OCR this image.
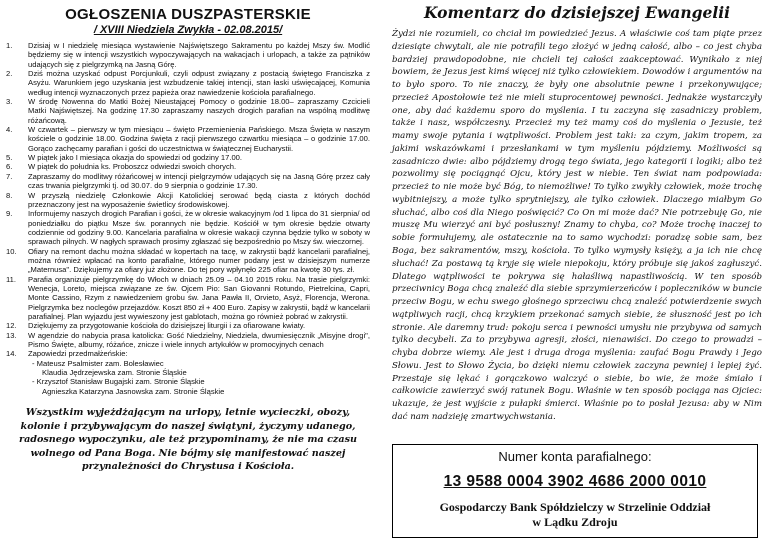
OGŁOSZENIA DUSZPASTERSKIE
/ XVIII Niedziela Zwykła - 02.08.2015/
1. Dzisiaj w I niedzielę miesiąca wystawienie Najświętszego Sakramentu po każdej Mszy św. Modlić będziemy się w intencji wszystkich wypoczywających na wakacjach i urlopach, a także za pątników udających się z pielgrzymką na Jasną Górę.
2. Dziś można uzyskać odpust Porcjunkuli, czyli odpust związany z postacią świętego Franciszka z Asyżu. Warunkiem jego uzyskania jest wzbudzenie takiej intencji, stan łaski uświęcającej, Komunia według intencji wyznaczonych przez papieża oraz nawiedzenie kościoła parafialnego.
3. W środę Nowenna do Matki Bożej Nieustającej Pomocy o godzinie 18.00– zapraszamy Czcicieli Matki Najświętszej. Na godzinę 17.30 zapraszamy naszych drogich parafian na wspólną modlitwę różańcową.
4. W czwartek – pierwszy w tym miesiącu – święto Przemienienia Pańskiego. Msza Święta w naszym kościele o godzinie 18.00. Godzina święta z racji pierwszego czwartku miesiąca – o godzinie 17.00. Gorąco zachęcamy parafian i gości do uczestnictwa w świątecznej Eucharystii.
5. W piątek jako I miesiąca okazja do spowiedzi od godziny 17.00.
6. W piątek do południa ks. Proboszcz odwiedzi swoich chorych.
7. Zapraszamy do modlitwy różańcowej w intencji pielgrzymów udających się na Jasną Górę przez cały czas trwania pielgrzymki tj. od 30.07. do 9 sierpnia o godzinie 17.30.
8. W przyszłą niedzielę Członkowie Akcji Katolickiej serować będą ciasta z których dochód przeznaczony jest na wyposażenie świetlicy środowiskowej.
9. Informujemy naszych drogich Parafian i gości, że w okresie wakacyjnym /od 1 lipca do 31 sierpnia/ od poniedziałku do piątku Msze św. porannych nie będzie. Kościół w tym okresie będzie otwarty codziennie od godziny 9.00. Kancelaria parafialna w okresie wakacji czynna będzie tylko w soboty w sprawach pilnych. W nagłych sprawach prosimy zgłaszać się bezpośrednio po Mszy św. wieczornej.
10. Ofiary na remont dachu można składać w kopertach na tacę, w zakrystii bądź kancelarii parafialnej, można również wpłacać na konto parafialne, którego numer podany jest w dzisiejszym numerze „Maternusa". Dziękujemy za ofiary już złożone. Do tej pory wpłynęło 225 ofiar na kwotę 30 tys. zł.
11. Parafia organizuje pielgrzymkę do Włoch w dniach 25.09 – 04.10 2015 roku. Na trasie pielgrzymki: Wenecja, Loreto, miejsca związane ze św. Ojcem Pio: San Giovanni Rotundo, Pietrelcina, Capri, Monte Cassino, Rzym z nawiedzeniem grobu św. Jana Pawła II, Orvieto, Asyż, Florencja, Werona. Pielgrzymka bez noclegów przejazdów. Koszt 850 zł + 400 Euro. Zapisy w zakrystii, bądź w kancelarii parafialnej. Plan wyjazdu jest wywieszony jest gablotach, można go również pobrać w zakrystii.
12. Dziękujemy za przygotowanie kościoła do dzisiejszej liturgii i za ofiarowane kwiaty.
13. W agendzie do nabycia prasa katolicka: Gość Niedzielny, Niedziela, dwumiesięcznik „Misyjne drogi", Pismo Święte, albumy, różańce, znicze i wiele innych artykułów w promocyjnych cenach
14. Zapowiedzi przedmałżeńskie:
- Mateusz Psalmister zam. Bolesławiec
Klaudia Jędrzejewska zam. Stronie Śląskie
- Krzysztof Stanisław Bugajski zam. Stronie Śląskie
Agnieszka Katarzyna Jasnowska zam. Stronie Śląskie
Wszystkim wyjeżdżającym na urlopy, letnie wycieczki, obozy, kolonie i przybywającym do naszej świątyni, życzymy udanego, radosnego wypoczynku, ale też przypominamy, że nie ma czasu wolnego od Pana Boga. Nie bójmy się manifestować naszej przynależności do Chrystusa i Kościoła.
Komentarz do dzisiejszej Ewangelii

Żydzi nie rozumieli, co chciał im powiedzieć Jezus. A właściwie coś tam piąte przez dziesiąte chwytali, ale nie potrafili tego złożyć w jedną całość, albo – co jest chyba bardziej prawdopodobne, nie chcieli tej całości zaakceptować. Wynikało z niej bowiem, że Jezus jest kimś więcej niż tylko człowiekiem. Dowodów i argumentów na to było sporo. To nie znaczy, że były one absolutnie pewne i przekonywujące; przecież Apostołowie też nie mieli stuprocentowej pewności. Jednakże wystarczyły one, aby dać każdemu sporo do myślenia. I tu zaczyna się zasadniczy problem, także i nasz, współczesny. Przecież my też mamy coś do myślenia o Jezusie, też mamy swoje pytania i wątpliwości. Problem jest taki: za czym, jakim tropem, za jakimi wskazówkami i przesłankami w tym myśleniu pójdziemy. Możliwości są zasadniczo dwie: albo pójdziemy drogą tego świata, jego kategorii i logiki; albo też pozwolimy się pociągnąć Ojcu, który jest w niebie. Ten świat nam podpowiada: przecież to nie może być Bóg, to niemożliwe! To tylko zwykły człowiek, może trochę wybitniejszy, a może tylko sprytniejszy, ale tylko człowiek. Dlaczego miałbym Go słuchać, albo coś dla Niego poświęcić? Co On mi może dać? Nie potrzebuję Go, nie muszę Mu wierzyć ani być posłuszny! Znamy to chyba, co? Może trochę inaczej to sobie formułujemy, ale ostatecznie na to samo wychodzi: poradzę sobie sam, bez Boga, bez sakramentów, mszy, kościoła. To tylko wymysły księży, a ja ich nie chcę słuchać! Za postawą tą kryje się wiele niepokoju, który próbuje się jakoś zagłuszyć. Dlatego wątpliwości te pokrywa się hałaśliwą napastliwością. W ten sposób przeciwnicy Boga chcą znaleźć dla siebie sprzymierzeńców i popleczników w buncie przeciw Bogu, w echu swego głośnego sprzeciwu chcą znaleźć potwierdzenie swych wątpliwych racji, chcą krzykiem przekonać samych siebie, że słuszność jest po ich stronie. Ale daremny trud: pokoju serca i pewności umysłu nie przybywa od samych tylko decybeli. Za to przybywa agresji, złości, nienawiści. Do czego to prowadzi – chyba dobrze wiemy. Ale jest i druga droga myślenia: zaufać Bogu Prawdy i Jego Słowu. Jest to Słowo Życia, bo dzięki niemu człowiek zaczyna pewniej i lepiej żyć. Przestaje się lękać i gorączkowo walczyć o siebie, bo wie, że może śmiało i całkowicie zawierzyć swój ratunek Bogu. Właśnie w ten sposób pociąga nas Ojciec: ukazuje, że jest wyjście z pułapki śmierci. Właśnie po to posłał Jezusa: aby w Nim dać nam nadzieję zmartwychwstania.

Numer konta parafialnego:
13 9588 0004 3902 4686 2000 0010
Gospodarczy Bank Spółdzielczy w Strzelinie Oddział
w Lądku Zdroju
